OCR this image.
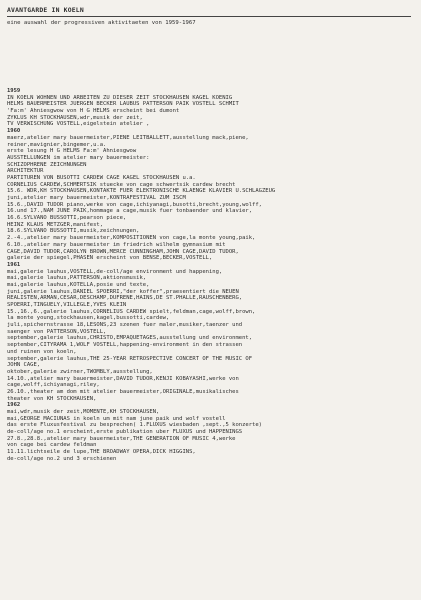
AVANTGARDE IN KOELN
eine auswahl der progressiven aktivitaeten von 1959-1967
1959
IN KOELN WOHNEN UND ARBEITEN ZU DIESER ZEIT STOCKHAUSEN KAGEL KOENIG
HELMS BAUERMEISTER JUERGEN BECKER LAUBUS PATTERSON PAIK VOSTELL SCHMIT
'Fa:m' Ahniesgwow von H G HELMS erscheint bei dumont
ZYKLUS KH STOCKHAUSEN,wdr,musik der zeit,
TV VERWISCHUNG VOSTELL,eigelstein atelier ,
1960
maerz,atelier mary bauermeister,PIENE LEITBALLETT,ausstellung mack,piene,
reiner,mavignier,bingemer,u.a.
erste lesung H G HELMS Fa:m' Ahniesgwow
AUSSTELLUNGEN im atelier mary bauermeister:
SCHIZOPHRENE ZEICHNUNGEN
ARCHITEKTUR
PARTITUREN VON BUSOTTI CARDEW CAGE KAGEL STOCKHAUSEN u.a.
CORNELIUS CARDEW,SCHMERTSIK stuecke von cage schwertsik cardew brecht
15.6. WDR,KH STOCKHAUSEN,KONTAKTE FUER ELEKTRONISCHE KLAENGE KLAVIER U.SCHLAGZEUG
juni,atelier mary bauermeister,KONTRAFESTIVAL ZUM ISCM
15.6.,DAVID TUDOR piano,werke von cage,ichiyanagi,busotti,brecht,young,wolff,
16.und 17.,NAM JUNE PAIK,hommage a cage,musik fuer tonbaender und klavier,
16.6.SYLVANO BUSSOTTI,pearson piece,
HEINZ KLAUS METZGER,manifest,
18.6.SYLVANO BUSSOTTI,musik,zeichnungen,
2.-4.,atelier mary bauermeister,KOMPOSITIONEN von cage,la monte young,paik,
6.10.,atelier mary bauermeister im friedrich wilhelm gymnasium mit
CAGE,DAVID TUDOR,CAROLYN BROWN,MERCE CUNNINGHAM,JOHN CAGE,DAVID TUDOR,
galerie der spiegel,PHASEN erscheint von BENSE,BECKER,VOSTELL,
1961
mai,galerie lauhus,VOSTELL,de-coll/age environment und happening,
mai,galerie lauhus,PATTERSON,aktionsmusik,
mai,galerie lauhus,KOTELLA,posie und texte,
juni,galerie lauhus,DANIEL SPOERRI,"der koffer",praesentiert die NEUEN
REALISTEN,ARMAN,CESAR,DESCHAMP,DUFRENE,HAINS,DE ST.PHALLE,RAUSCHENBERG,
SPOERRI,TINGUELY,VILLEGLE,YVES KLEIN
15.,16.,6.,galerie lauhus,CORNELIUS CARDEW spielt,feldman,cage,wolff,brown,
la monte young,stockhausen,kagel,bussotti,cardew,
juli,spichernstrasse 18,LESONS,23 szenen fuer maler,musiker,taenzer und
saenger von PATTERSON,VOSTELL,
september,galerie lauhus,CHRISTO,EMPAQUETAGES,ausstellung und environment,
september,CITYRAMA 1,WOLF VOSTELL,happening-environment in den strassen
und ruinen von koeln,
september,galerie lauhus,THE 25-YEAR RETROSPECTIVE CONCERT OF THE MUSIC OF
JOHN CAGE,
oktober,galerie zwirner,TWOMBLY,ausstellung,
14.10.,atelier mary bauermeister,DAVID TUDOR,KENJI KOBAYASHI,werke von
cage,wolff,ichiyanagi,riley,
26.10.,theater am dom mit atelier bauermeister,ORIGINALE,musikalisches
theater von KH STOCKHAUSEN,
1962
mai,wdr,musik der zeit,MOMENTE,KH STOCKHAUSEN,
mai,GEORGE MACIUNAS in koeln um mit nam june paik und wolf vostell
das erste Fluxusfestival zu besprechen( 1.FLUXUS wiesbaden ,sept.,5 konzerte)
de-coll/age no.1 erscheint,erste publikation uber FLUXUS und HAPPENINGS
27.8.,28.8.,atelier mary bauermeister,THE GENERATION OF MUSIC 4,werke
von cage bei cardew feldman
11.11.lichtseile de lupe,THE BROADWAY OPERA,DICK HIGGINS,
de-coll/age no.2 und 3 erschienen
